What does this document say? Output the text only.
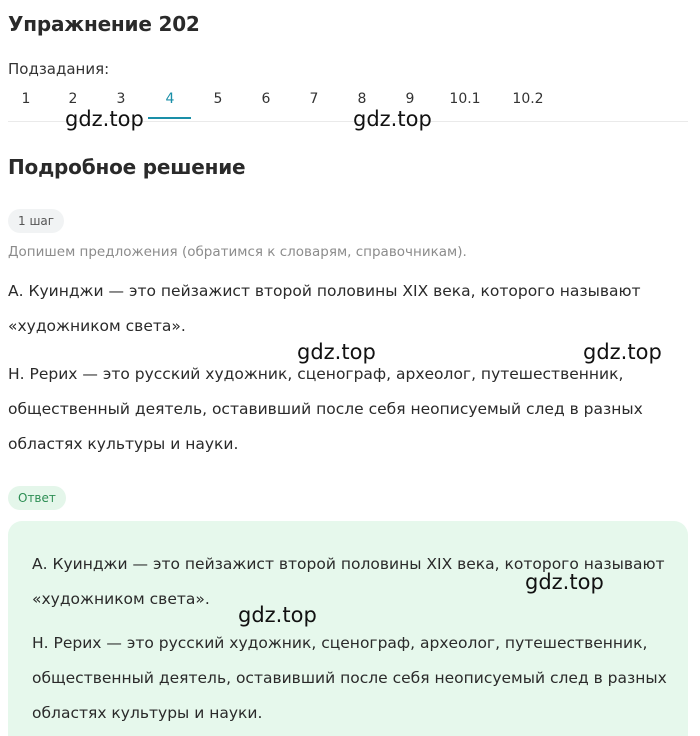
Упражнение 202
Подзадания:
1	2	3	4	5	6	7	8	9 10.1 10.2
Подробное решение
1 шаг
Допишем предложения (обратимся к словарям, справочникам).

А. Куинджи — это пейзажист второй половины XIX века, которого называют «художником света».

Н. Рерих — это русский художник, сценограф, археолог, путешественник, общественный деятель, оставивший после себя неописуемый след в разных областях культуры и науки.

Ответ

А. Куинджи — это пейзажист второй половины XIX века, которого называют «художником света».

Н. Рерих — это русский художник, сценограф, археолог, путешественник, общественный деятель, оставивший после себя неописуемый след в разных областях культуры и науки.

gdz.top	gdz.top
gdz.top	gdz.top
gdz.top
gdz.top
